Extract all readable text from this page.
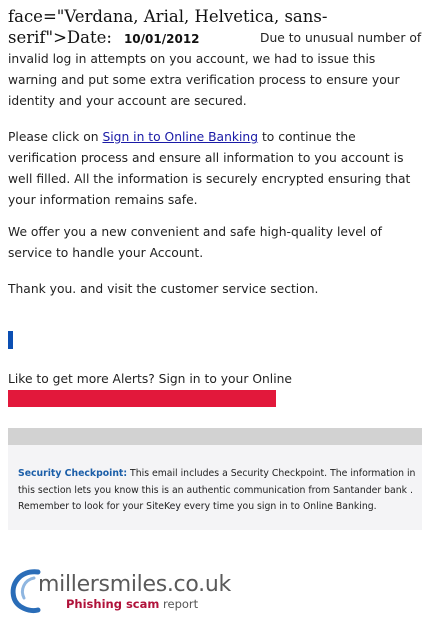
face="Verdana, Arial, Helvetica, sans-serif">Date: 10/01/2012	Due to unusual number of invalid log in attempts on you account, we had to issue this warning and put some extra verification process to ensure your identity and your account are secured.
Please click on Sign in to Online Banking to continue the verification process and ensure all information to you account is well filled. All the information is securely encrypted ensuring that your information remains safe.
We offer you a new convenient and safe high-quality level of service to handle your Account.
Thank you. and visit the customer service section.
Like to get more Alerts? Sign in to your Online
Security Checkpoint: This email includes a Security Checkpoint. The information in this section lets you know this is an authentic communication from Santander bank . Remember to look for your SiteKey every time you sign in to Online Banking.
millersmiles.co.uk
Phishing scam report
